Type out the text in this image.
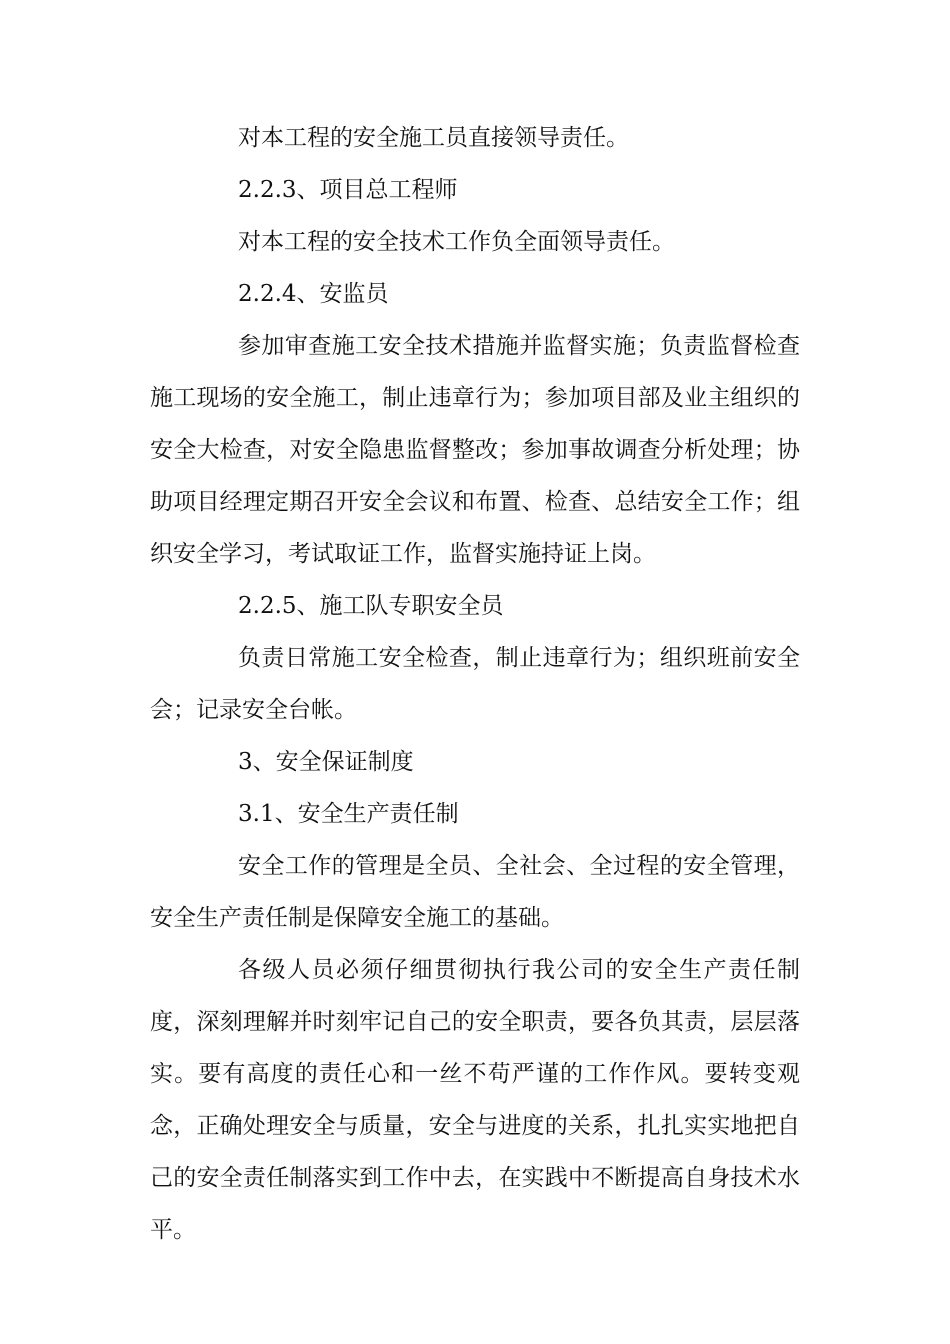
对本工程的安全施工员直接领导责任。

2.2.3、项目总工程师

对本工程的安全技术工作负全面领导责任。

2.2.4、安监员

参加审查施工安全技术措施并监督实施；负责监督检查施工现场的安全施工，制止违章行为；参加项目部及业主组织的安全大检查，对安全隐患监督整改；参加事故调查分析处理；协助项目经理定期召开安全会议和布置、检查、总结安全工作；组织安全学习，考试取证工作，监督实施持证上岗。

2.2.5、施工队专职安全员

负责日常施工安全检查，制止违章行为；组织班前安全会；记录安全台帐。

3、安全保证制度

3.1、安全生产责任制

安全工作的管理是全员、全社会、全过程的安全管理，安全生产责任制是保障安全施工的基础。

各级人员必须仔细贯彻执行我公司的安全生产责任制度，深刻理解并时刻牢记自己的安全职责，要各负其责，层层落实。要有高度的责任心和一丝不苟严谨的工作作风。要转变观念，正确处理安全与质量，安全与进度的关系，扎扎实实地把自己的安全责任制落实到工作中去，在实践中不断提高自身技术水平。
